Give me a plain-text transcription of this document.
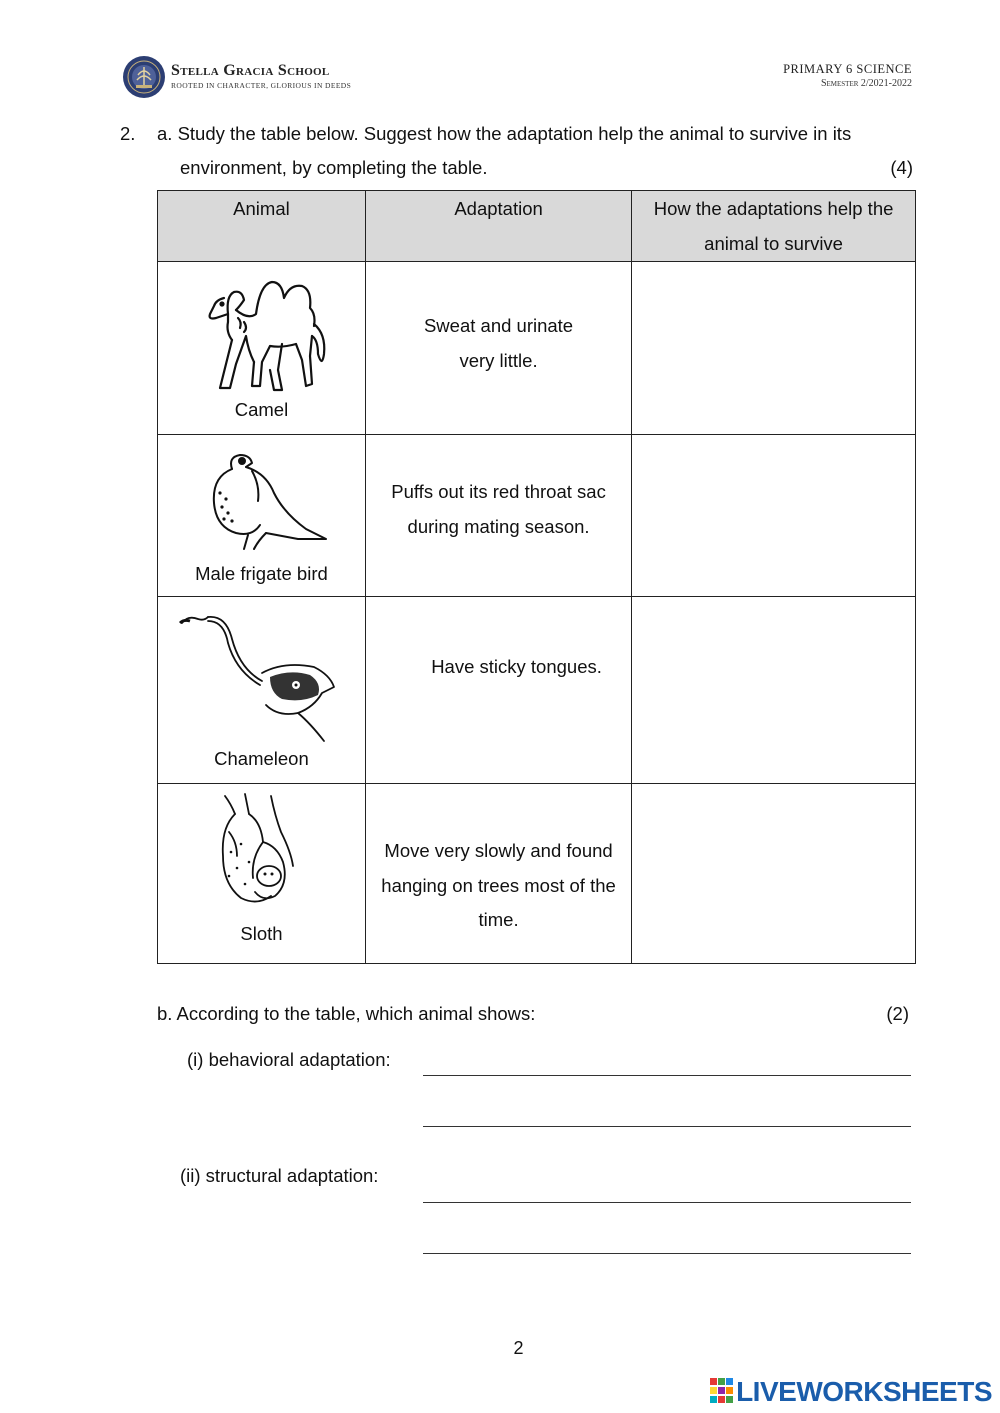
Stella Gracia School
ROOTED IN CHARACTER, GLORIOUS IN DEEDS
PRIMARY 6 SCIENCE
Semester 2/2021-2022
2. a. Study the table below. Suggest how the adaptation help the animal to survive in its
environment, by completing the table.	(4)
Animal	Adaptation	How the adaptations help the animal to survive

Camel	Sweat and urinate very little.	

Male frigate bird	Puffs out its red throat sac during mating season.	

Chameleon	Have sticky tongues.	

Sloth	Move very slowly and found hanging on trees most of the time.	

b. According to the table, which animal shows:	(2)
(i) behavioral adaptation:
(ii) structural adaptation:
2
LIVEWORKSHEETS
